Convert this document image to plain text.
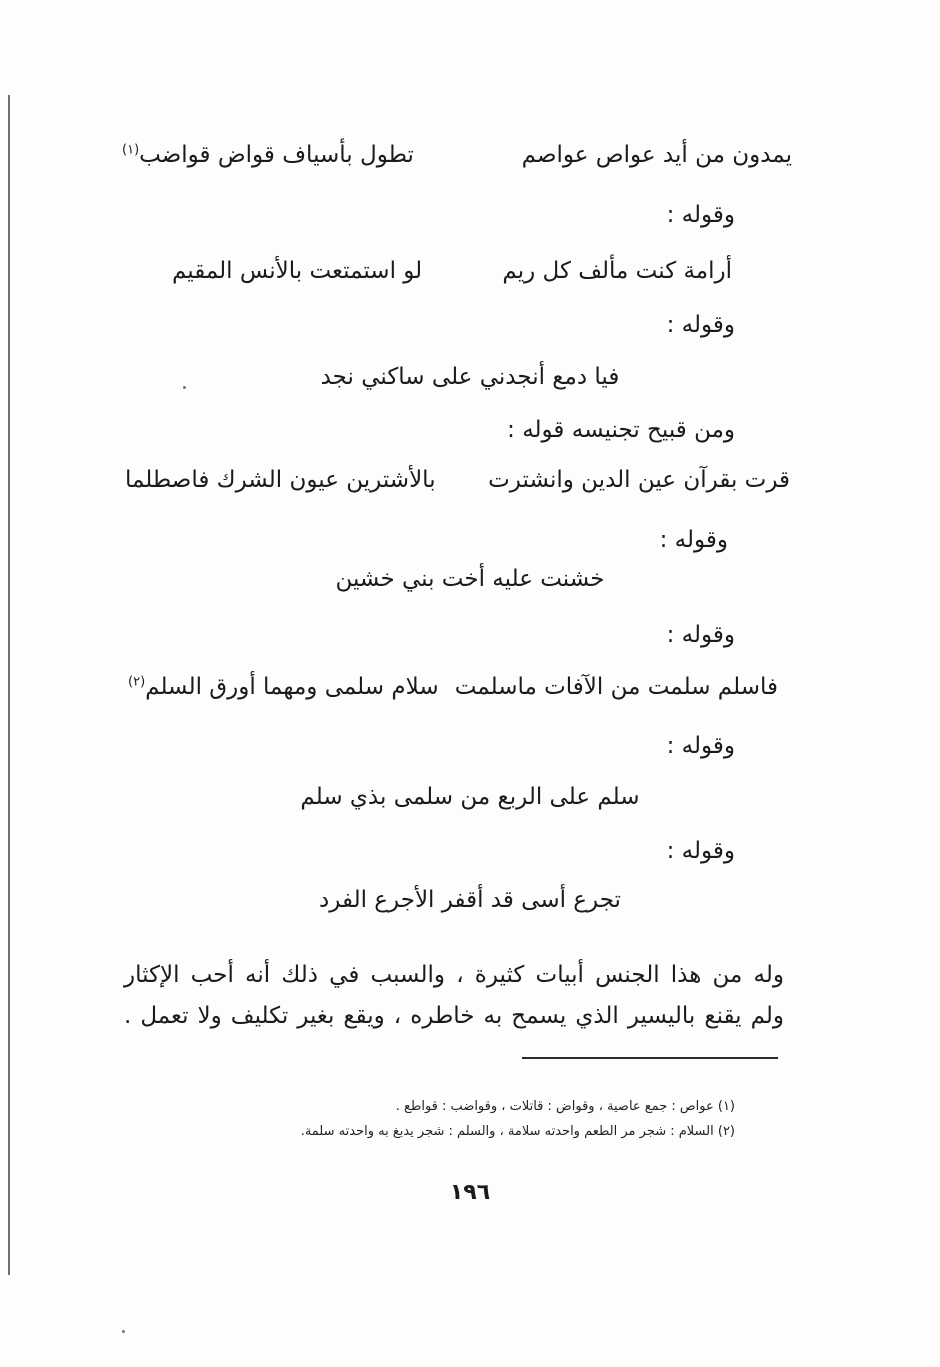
يمدون من أيد عواص عواصم
تطول بأسياف قواض قواضب$^{(١)}$
وقوله :
أرامة كنت مألف كل ريم
لو استمتعت بالأنس المقيم
وقوله :
فيا دمع أنجدني على ساكني نجد
ومن قبيح تجنيسه قوله :
قرت بقرآن عين الدين وانشترت
بالأشترين عيون الشرك فاصطلما
وقوله :
خشنت عليه أخت بني خشين
وقوله :
فاسلم سلمت من الآفات ماسلمت
سلام سلمى ومهما أورق السلم$^{(٢)}$
وقوله :
سلم على الربع من سلمى بذي سلم
وقوله :
تجرع أسى قد أقفر الأجرع الفرد
وله من هذا الجنس أبيات كثيرة ، والسبب في ذلك أنه أحب الإكثار
ولم يقنع باليسير الذي يسمح به خاطره ، ويقع بغير تكليف ولا تعمل .
(١) عواص : جمع عاصية ، وقواض : قاتلات ، وقواضب : قواطع .
(٢) السلام : شجر مر الطعم واحدته سلامة ، والسلم : شجر يدبغ به واحدته سلمة.
١٩٦
